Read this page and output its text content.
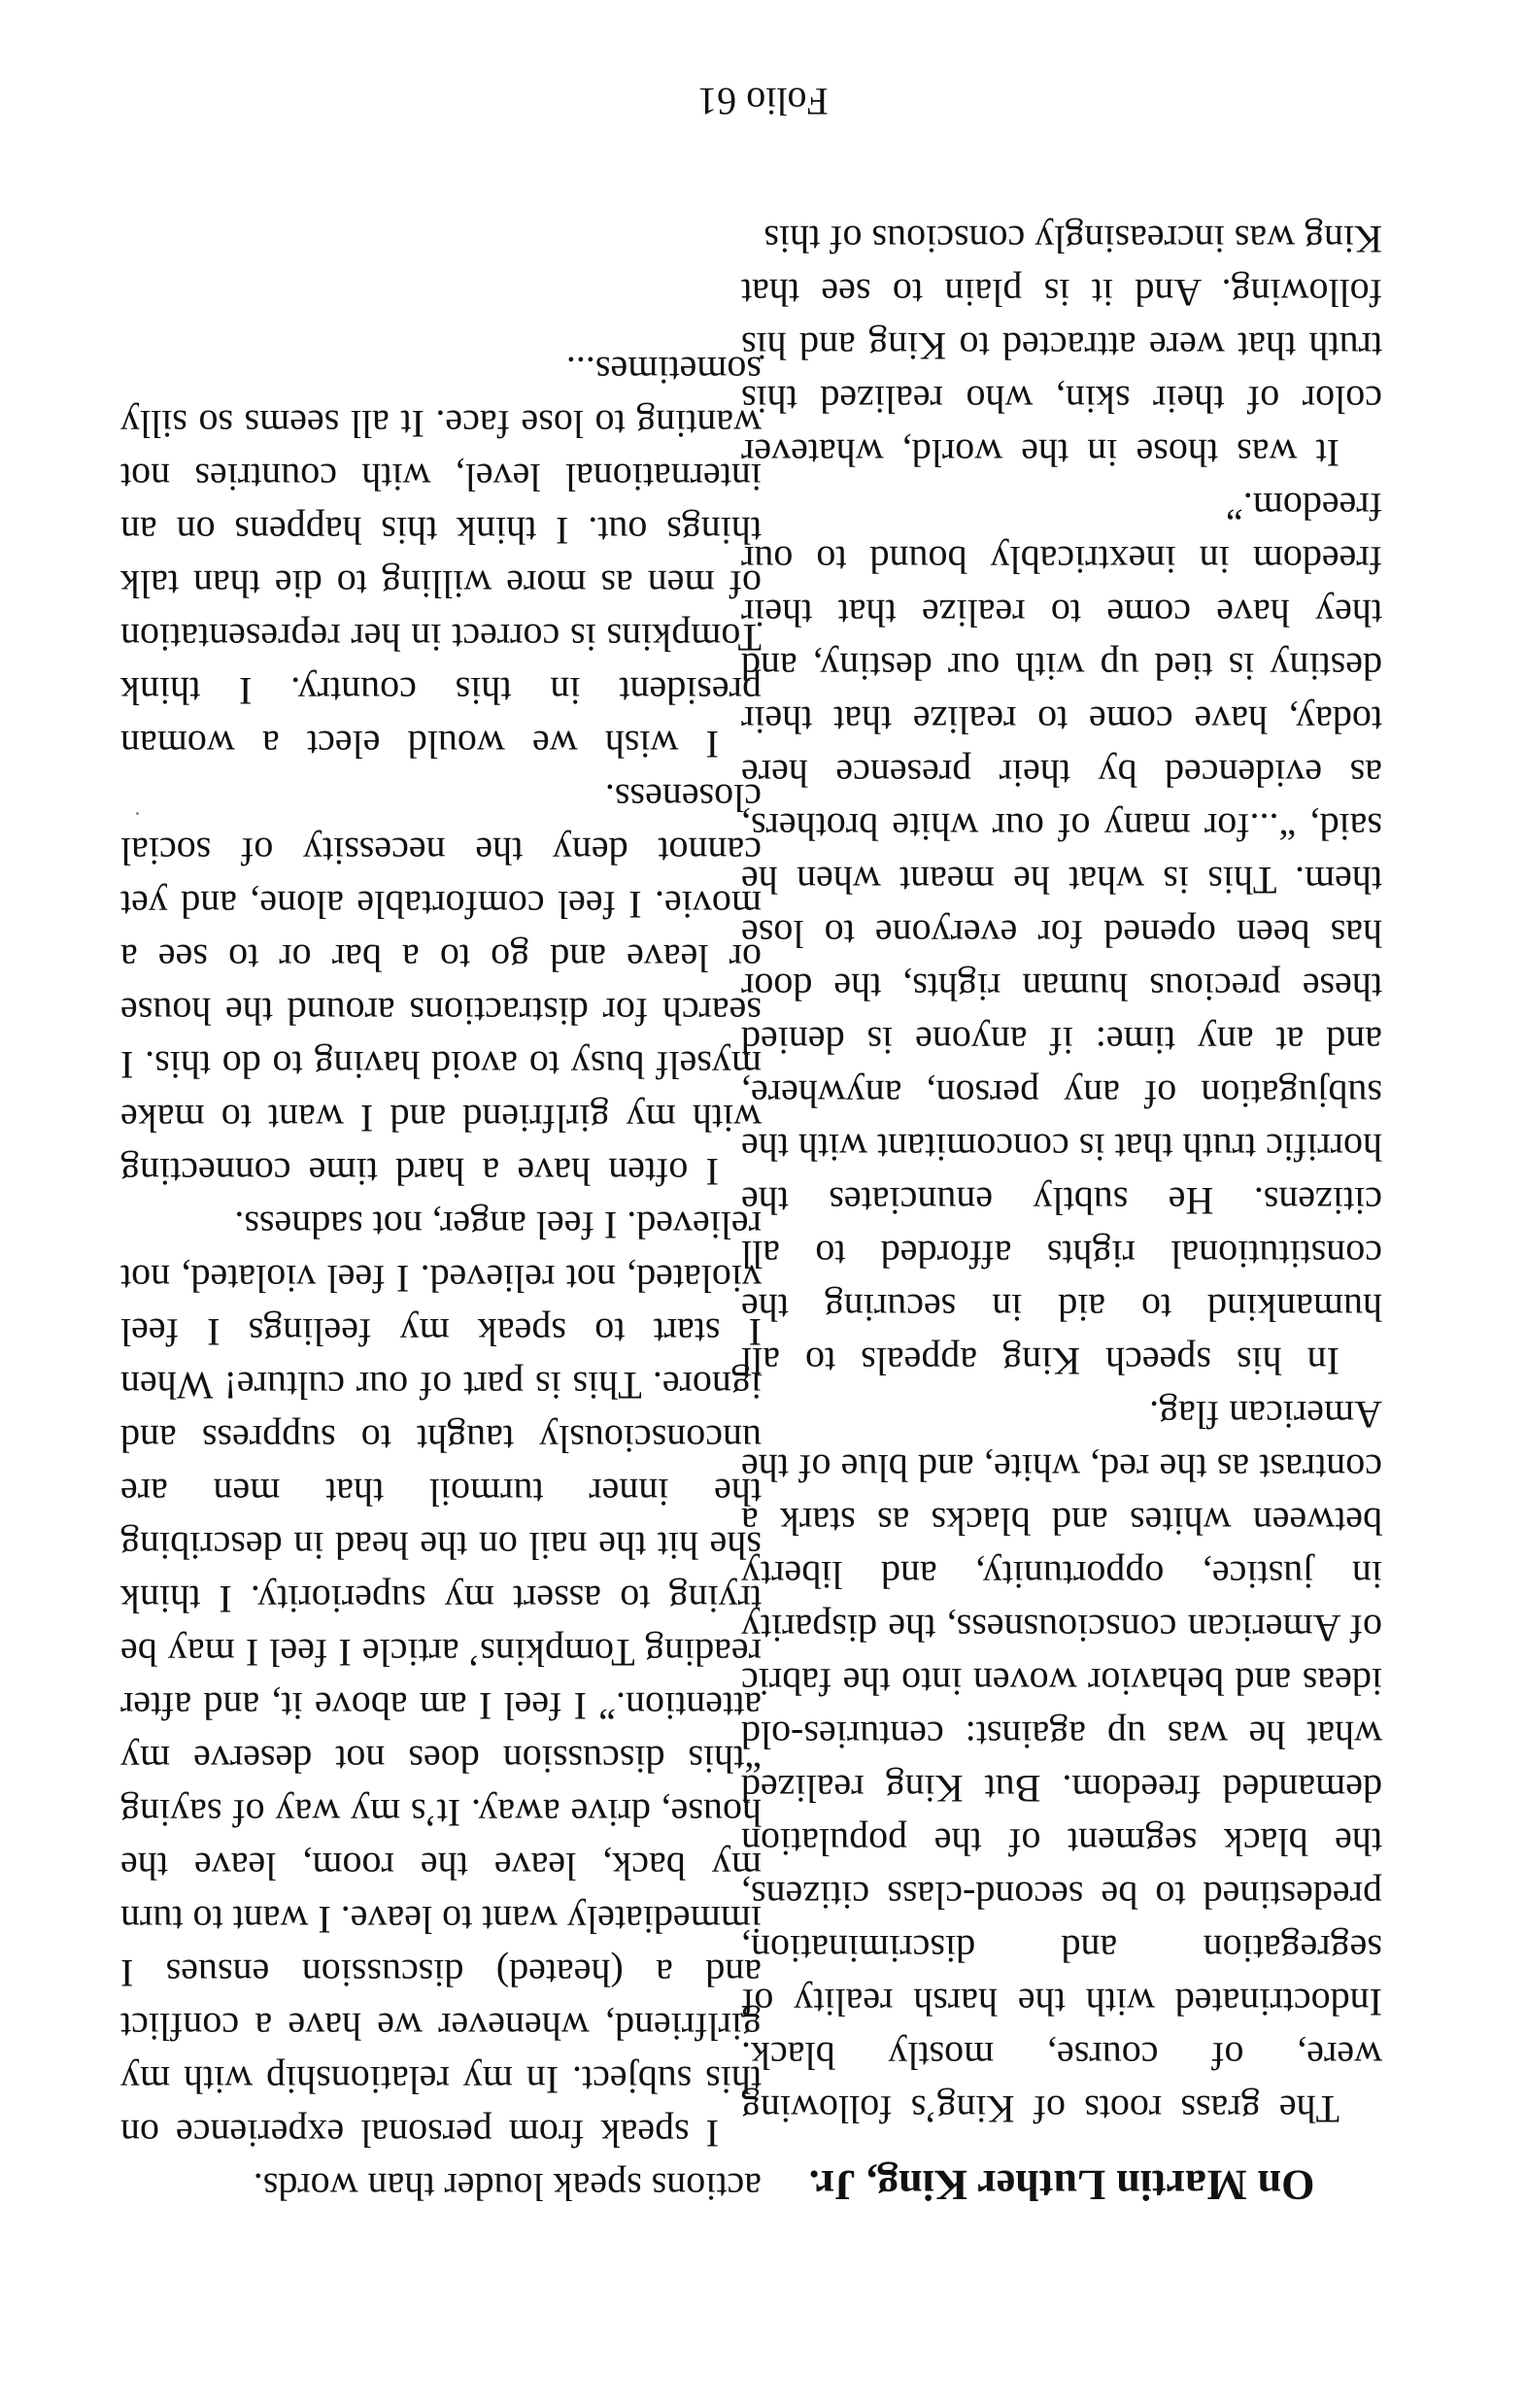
On Martin Luther King, Jr.

The grass roots of King’s following were, of course, mostly black. Indoctrinated with the harsh reality of segregation and discrimination, predestined to be second-class citizens, the black segment of the population demanded freedom. But King realized what he was up against: centuries-old ideas and behavior woven into the fabric of American consciousness, the disparity in justice, opportunity, and liberty between whites and blacks as stark a contrast as the red, white, and blue of the American flag.

In his speech King appeals to all humankind to aid in securing the constitutional rights afforded to all citizens. He subtly enunciates the horrific truth that is concomitant with the subjugation of any person, anywhere, and at any time: if anyone is denied these precious human rights, the door has been opened for everyone to lose them. This is what he meant when he said, “...for many of our white brothers, as evidenced by their presence here today, have come to realize that their destiny is tied up with our destiny, and they have come to realize that their freedom in inextricably bound to our freedom.”

It was those in the world, whatever color of their skin, who realized this truth that were attracted to King and his following. And it is plain to see that King was increasingly conscious of this

actions speak louder than words.

I speak from personal experience on this subject. In my relationship with my girlfriend, whenever we have a conflict and a (heated) discussion ensues I immediately want to leave. I want to turn my back, leave the room, leave the house, drive away. It’s my way of saying “this discussion does not deserve my attention.” I feel I am above it, and after reading Tompkins’ article I feel I may be trying to assert my superiority. I think she hit the nail on the head in describing the inner turmoil that men are unconsciously taught to suppress and ignore. This is part of our culture! When I start to speak my feelings I feel violated, not relieved. I feel violated, not relieved. I feel anger, not sadness.

I often have a hard time connecting with my girlfriend and I want to make myself busy to avoid having to do this. I search for distractions around the house or leave and go to a bar or to see a movie. I feel comfortable alone, and yet cannot deny the necessity of social closeness.

I wish we would elect a woman president in this country. I think Tompkins is correct in her representation of men as more willing to die than talk things out. I think this happens on an international level, with countries not wanting to lose face. It all seems so silly sometimes...

Folio 61
